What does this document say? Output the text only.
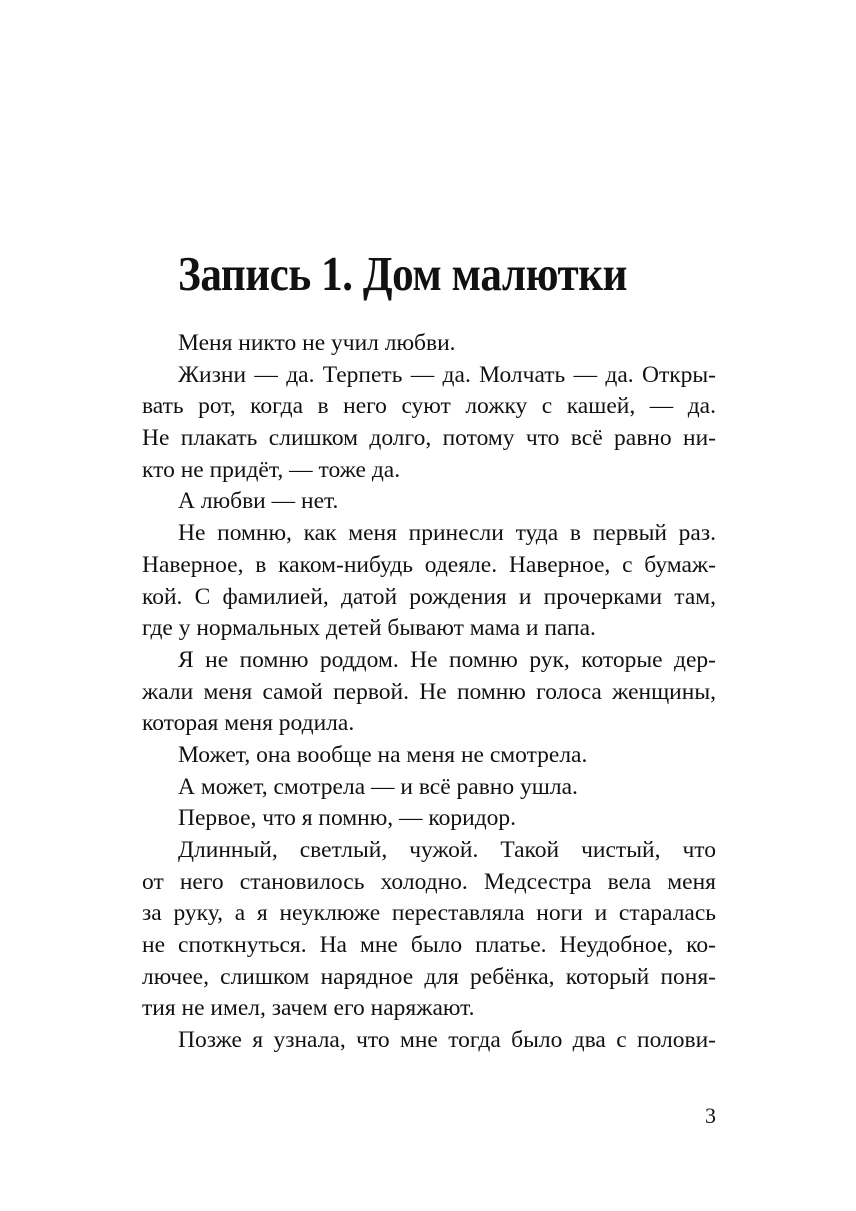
Запись 1. Дом малютки
Меня никто не учил любви.
Жизни — да. Терпеть — да. Молчать — да. Откры-
вать рот, когда в него суют ложку с кашей, — да.
Не плакать слишком долго, потому что всё равно ни-
кто не придёт, — тоже да.
А любви — нет.
Не помню, как меня принесли туда в первый раз.
Наверное, в каком-нибудь одеяле. Наверное, с бумаж-
кой. С фамилией, датой рождения и прочерками там,
где у нормальных детей бывают мама и папа.
Я не помню роддом. Не помню рук, которые дер-
жали меня самой первой. Не помню голоса женщины,
которая меня родила.
Может, она вообще на меня не смотрела.
А может, смотрела — и всё равно ушла.
Первое, что я помню, — коридор.
Длинный, светлый, чужой. Такой чистый, что
от него становилось холодно. Медсестра вела меня
за руку, а я неуклюже переставляла ноги и старалась
не споткнуться. На мне было платье. Неудобное, ко-
лючее, слишком нарядное для ребёнка, который поня-
тия не имел, зачем его наряжают.
Позже я узнала, что мне тогда было два с полови-
3
